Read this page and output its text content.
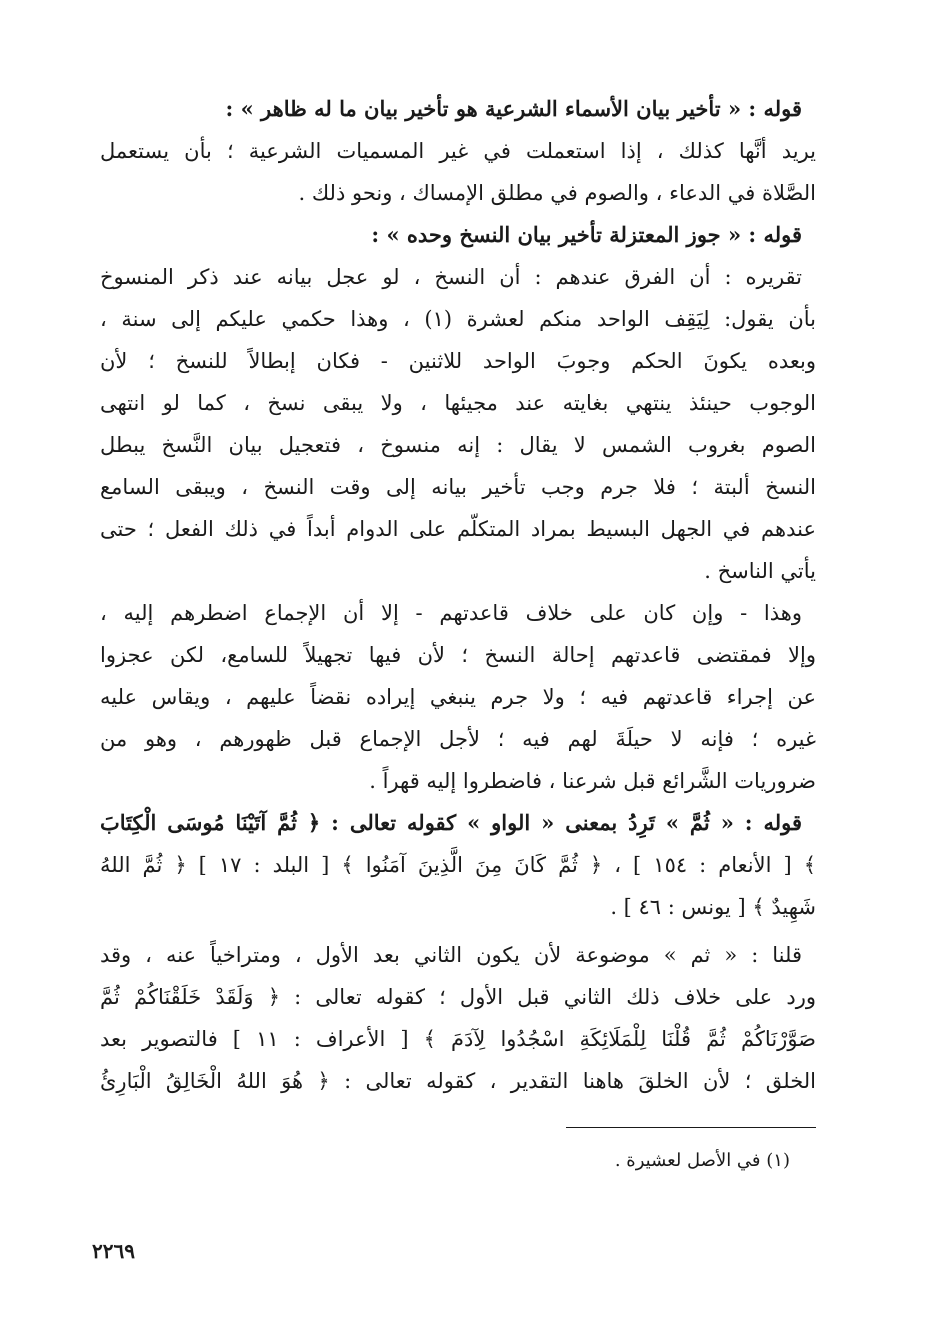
قوله : « تأخير بيان الأسماء الشرعية هو تأخير بيان ما له ظاهر » :
يريد أنَّها كذلك ، إذا استعملت في غير المسميات الشرعية ؛ بأن يستعمل
الصَّلاة في الدعاء ، والصوم في مطلق الإمساك ، ونحو ذلك .
قوله : « جوز المعتزلة تأخير بيان النسخ وحده » :
تقريره : أن الفرق عندهم : أن النسخ ، لو عجل بيانه عند ذكر المنسوخ
بأن يقول: لِيَقِف الواحد منكم لعشرة (١) ، وهذا حكمي عليكم إلى سنة ،
وبعده يكونَ الحكم وجوبَ الواحد للاثنين - فكان إبطالاً للنسخ ؛ لأن
الوجوب حينئذ ينتهي بغايته عند مجيئها ، ولا يبقى نسخ ، كما لو انتهى
الصوم بغروب الشمس لا يقال : إنه منسوخ ، فتعجيل بيان النَّسخ يبطل
النسخ ألبتة ؛ فلا جرم وجب تأخير بيانه إلى وقت النسخ ، ويبقى السامع
عندهم في الجهل البسيط بمراد المتكلّم على الدوام أبداً في ذلك الفعل ؛ حتى
يأتي الناسخ .
وهذا - وإن كان على خلاف قاعدتهم - إلا أن الإجماع اضطرهم إليه ،
وإلا فمقتضى قاعدتهم إحالة النسخ ؛ لأن فيها تجهيلاً للسامع، لكن عجزوا
عن إجراء قاعدتهم فيه ؛ ولا جرم ينبغي إيراده نقضاً عليهم ، ويقاس عليه
غيره ؛ فإنه لا حيلَةَ لهم فيه ؛ لأجل الإجماع قبل ظهورهم ، وهو من
ضروريات الشَّرائع قبل شرعنا ، فاضطروا إليه قهراً .
قوله : « ثُمَّ » تَرِدُ بمعنى « الواو » كقوله تعالى : ﴿ ثُمَّ آتَيْنَا مُوسَى الْكِتَابَ
﴾ [ الأنعام : ١٥٤ ] ، ﴿ ثُمَّ كَانَ مِنَ الَّذِينَ آمَنُوا ﴾ [ البلد : ١٧ ] ﴿ ثُمَّ اللهُ
شَهِيدٌ ﴾ [ يونس : ٤٦ ] .
قلنا : « ثم » موضوعة لأن يكون الثاني بعد الأول ، ومتراخياً عنه ، وقد
ورد على خلاف ذلك الثاني قبل الأول ؛ كقوله تعالى : ﴿ وَلَقَدْ خَلَقْنَاكُمْ ثُمَّ
صَوَّرْنَاكُمْ ثُمَّ قُلْنَا لِلْمَلَائِكَةِ اسْجُدُوا لِآدَمَ ﴾ [ الأعراف : ١١ ] فالتصوير بعد
الخلق ؛ لأن الخلقَ هاهنا التقدير ، كقوله تعالى : ﴿ هُوَ اللهُ الْخَالِقُ الْبَارِئُ
(١) في الأصل لعشيرة .
٢٢٦٩
